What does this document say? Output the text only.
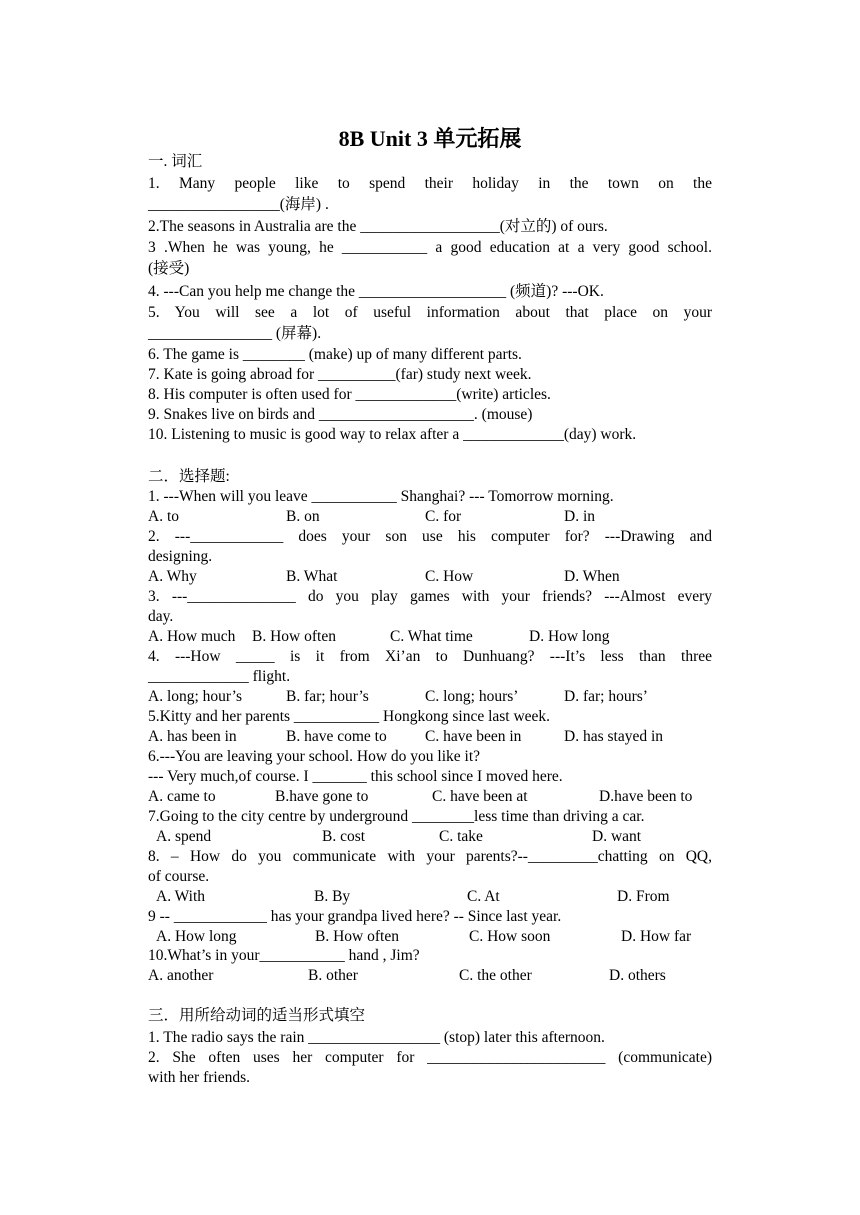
8B Unit 3 单元拓展
一. 词汇
1. Many people like to spend their holiday in the town on the
_________________(海岸) .
2.The seasons in Australia are the __________________(对立的) of ours.
3 .When he was young, he ___________ a good education at a very good school.
(接受)
4. ---Can you help me change the ___________________ (频道)? ---OK.
5. You will see a lot of useful information about that place on your
________________ (屏幕).
6. The game is ________ (make) up of many different parts.
7. Kate is going abroad for __________(far) study next week.
8. His computer is often used for _____________(write) articles.
9. Snakes live on birds and ____________________. (mouse)
10. Listening to music is good way to relax after a _____________(day) work.
二．选择题:
1. ---When will you leave ___________ Shanghai? --- Tomorrow morning.
A. to	B. on	C. for	D. in
2. ---____________ does your son use his computer for? ---Drawing and
designing.
A. Why	B. What	C. How	D. When
3. ---______________ do you play games with your friends? ---Almost every
day.
A. How much B. How often	C. What time	D. How long
4. ---How _____ is it from Xi’an to Dunhuang? ---It’s less than three
_____________ flight.
A. long; hour’s	B. far; hour’s	C. long; hours’	D. far; hours’
5.Kitty and her parents ___________ Hongkong since last week.
A. has been in	B. have come to C. have been in	D. has stayed in
6.---You are leaving your school. How do you like it?
--- Very much,of course. I _______ this school since I moved here.
A. came to	B.have gone to	C. have been at	D.have been to
7.Going to the city centre by underground ________less time than driving a car.
A. spend	B. cost	C. take	D. want
8. – How do you communicate with your parents?--_________chatting on QQ,
of course.
A. With	B. By	C. At	D. From
9 -- ____________ has your grandpa lived here? -- Since last year.
A. How long	B. How often	C. How soon	D. How far
10.What’s in your___________ hand , Jim?
A. another	B. other	C. the other	D. others
三．用所给动词的适当形式填空
1. The radio says the rain _________________ (stop) later this afternoon.
2. She often uses her computer for _______________________ (communicate)
with her friends.
